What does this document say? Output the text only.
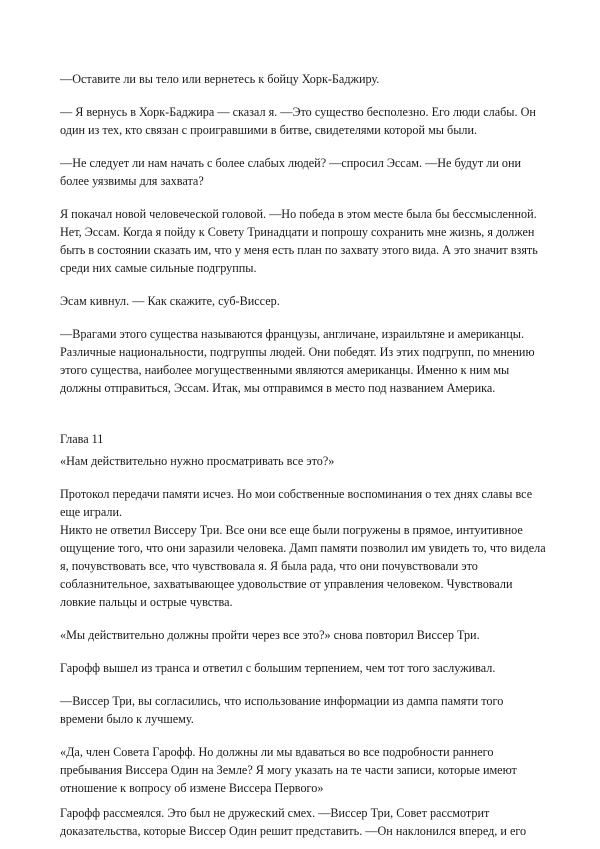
—Оставите ли вы тело или вернетесь к бойцу Хорк-Баджиру.
— Я вернусь в Хорк-Баджира — сказал я. —Это существо бесполезно. Его люди слабы. Он
один из тех, кто связан с проигравшими в битве, свидетелями которой мы были.
—Не следует ли нам начать с более слабых людей? —спросил Эссам. —Не будут ли они
более уязвимы для захвата?
Я покачал новой человеческой головой. —Но победа в этом месте была бы бессмысленной.
Нет, Эссам. Когда я пойду к Совету Тринадцати и попрошу сохранить мне жизнь, я должен
быть в состоянии сказать им, что у меня есть план по захвату этого вида. А это значит взять
среди них самые сильные подгруппы.
Эсам кивнул. — Как скажите, суб-Виссер.
—Врагами этого существа называются французы, англичане, израильтяне и американцы.
Различные национальности, подгруппы людей. Они победят. Из этих подгрупп, по мнению
этого существа, наиболее могущественными являются американцы. Именно к ним мы
должны отправиться, Эссам. Итак, мы отправимся в место под названием Америка.
Глава 11
«Нам действительно нужно просматривать все это?»
Протокол передачи памяти исчез. Но мои собственные воспоминания о тех днях славы все
еще играли.
Никто не ответил Виссеру Три. Все они все еще были погружены в прямое, интуитивное
ощущение того, что они заразили человека. Дамп памяти позволил им увидеть то, что видела
я, почувствовать все, что чувствовала я. Я была рада, что они почувствовали это
соблазнительное, захватывающее удовольствие от управления человеком. Чувствовали
ловкие пальцы и острые чувства.
«Мы действительно должны пройти через все это?» снова повторил Виссер Три.
Гарофф вышел из транса и ответил с большим терпением, чем тот того заслуживал.
—Виссер Три, вы согласились, что использование информации из дампа памяти того
времени было к лучшему.
«Да, член Совета Гарофф. Но должны ли мы вдаваться во все подробности раннего
пребывания Виссера Один на Земле? Я могу указать на те части записи, которые имеют
отношение к вопросу об измене Виссера Первого»
Гарофф рассмеялся. Это был не дружеский смех. —Виссер Три, Совет рассмотрит
доказательства, которые Виссер Один решит представить. —Он наклонился вперед, и его
